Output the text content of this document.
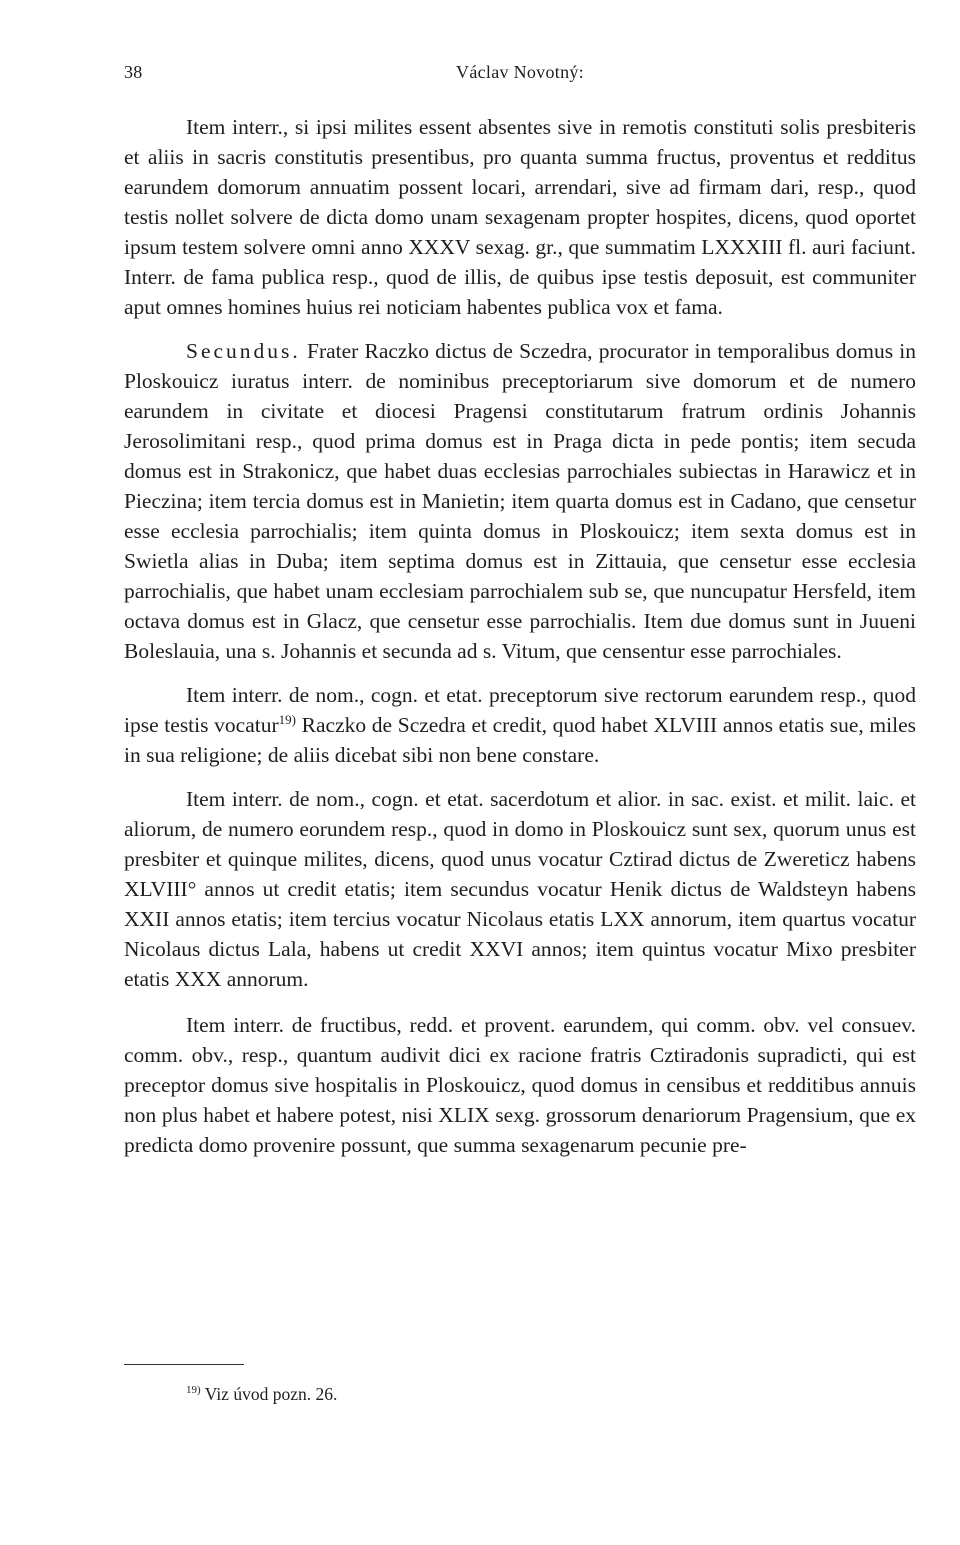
38	Václav Novotný:

Item interr., si ipsi milites essent absentes sive in remotis constituti solis presbiteris et aliis in sacris constitutis presentibus, pro quanta summa fructus, proventus et redditus earundem domorum annuatim possent locari, arrendari, sive ad firmam dari, resp., quod testis nollet solvere de dicta domo unam sexagenam propter hospites, dicens, quod oportet ipsum testem solvere omni anno XXXV sexag. gr., que summatim LXXXIII fl. auri faciunt. Interr. de fama publica resp., quod de illis, de quibus ipse testis deposuit, est communiter aput omnes homines huius rei noticiam habentes publica vox et fama.

Secundus. Frater Raczko dictus de Sczedra, procurator in temporalibus domus in Ploskouicz iuratus interr. de nominibus preceptoriarum sive domorum et de numero earundem in civitate et diocesi Pragensi constitutarum fratrum ordinis Johannis Jerosolimitani resp., quod prima domus est in Praga dicta in pede pontis; item secuda domus est in Strakonicz, que habet duas ecclesias parrochiales subiectas in Harawicz et in Pieczina; item tercia domus est in Manietin; item quarta domus est in Cadano, que censetur esse ecclesia parrochialis; item quinta domus in Ploskouicz; item sexta domus est in Swietla alias in Duba; item septima domus est in Zittauia, que censetur esse ecclesia parrochialis, que habet unam ecclesiam parrochialem sub se, que nuncupatur Hersfeld, item octava domus est in Glacz, que censetur esse parrochialis. Item due domus sunt in Juueni Boleslauia, una s. Johannis et secunda ad s. Vitum, que censentur esse parrochiales.

Item interr. de nom., cogn. et etat. preceptorum sive rectorum earundem resp., quod ipse testis vocatur$^{19)}$ Raczko de Sczedra et credit, quod habet XLVIII annos etatis sue, miles in sua religione; de aliis dicebat sibi non bene constare.

Item interr. de nom., cogn. et etat. sacerdotum et alior. in sac. exist. et milit. laic. et aliorum, de numero eorundem resp., quod in domo in Ploskouicz sunt sex, quorum unus est presbiter et quinque milites, dicens, quod unus vocatur Cztirad dictus de Zwereticz habens XLVIII° annos ut credit etatis; item secundus vocatur Henik dictus de Waldsteyn habens XXII annos etatis; item tercius vocatur Nicolaus etatis LXX annorum, item quartus vocatur Nicolaus dictus Lala, habens ut credit XXVI annos; item quintus vocatur Mixo presbiter etatis XXX annorum.

Item interr. de fructibus, redd. et provent. earundem, qui comm. obv. vel consuev. comm. obv., resp., quantum audivit dici ex racione fratris Cztiradonis supradicti, qui est preceptor domus sive hospitalis in Ploskouicz, quod domus in censibus et redditibus annuis non plus habet et habere potest, nisi XLIX sexg. grossorum denariorum Pragensium, que ex predicta domo provenire possunt, que summa sexagenarum pecunie pre-

$^{19)}$ Viz úvod pozn. 26.
